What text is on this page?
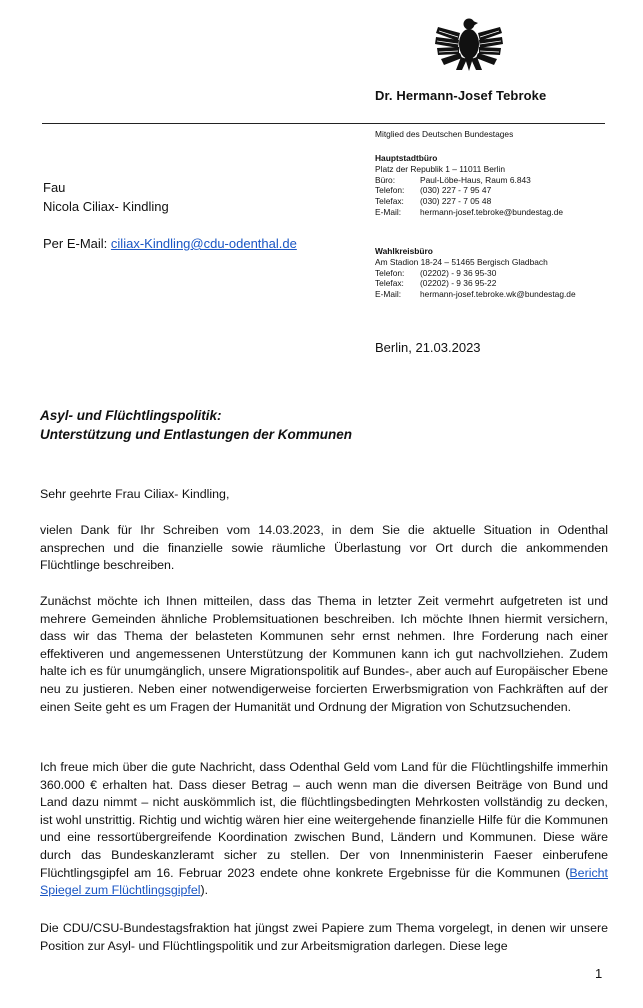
Dr. Hermann-Josef Tebroke
Mitglied des Deutschen Bundestages
Hauptstadtbüro
Platz der Republik 1 – 11011 Berlin
Büro:	Paul-Löbe-Haus, Raum 6.843
Telefon: (030) 227 - 7 95 47
Telefax: (030) 227 - 7 05 48
E-Mail: hermann-josef.tebroke@bundestag.de
Wahlkreisbüro
Am Stadion 18-24 – 51465 Bergisch Gladbach
Telefon: (02202) - 9 36 95-30
Telefax: (02202) - 9 36 95-22
E-Mail: hermann-josef.tebroke.wk@bundestag.de
Fau
Nicola Ciliax- Kindling
Per E-Mail: ciliax-Kindling@cdu-odenthal.de
Berlin, 21.03.2023
Asyl- und Flüchtlingspolitik:
Unterstützung und Entlastungen der Kommunen
Sehr geehrte Frau Ciliax- Kindling,

vielen Dank für Ihr Schreiben vom 14.03.2023, in dem Sie die aktuelle Situation in Odenthal ansprechen und die finanzielle sowie räumliche Überlastung vor Ort durch die ankommenden Flüchtlinge beschreiben.

Zunächst möchte ich Ihnen mitteilen, dass das Thema in letzter Zeit vermehrt aufgetreten ist und mehrere Gemeinden ähnliche Problemsituationen beschreiben. Ich möchte Ihnen hiermit versichern, dass wir das Thema der belasteten Kommunen sehr ernst nehmen. Ihre Forderung nach einer effektiveren und angemessenen Unterstützung der Kommunen kann ich gut nachvollziehen. Zudem halte ich es für unumgänglich, unsere Migrationspolitik auf Bundes-, aber auch auf Europäischer Ebene neu zu justieren. Neben einer notwendigerweise forcierten Erwerbsmigration von Fachkräften auf der einen Seite geht es um Fragen der Humanität und Ordnung der Migration von Schutzsuchenden.

Ich freue mich über die gute Nachricht, dass Odenthal Geld vom Land für die Flüchtlingshilfe immerhin 360.000 € erhalten hat. Dass dieser Betrag – auch wenn man die diversen Beiträge von Bund und Land dazu nimmt – nicht auskömmlich ist, die flüchtlingsbedingten Mehrkosten vollständig zu decken, ist wohl unstrittig. Richtig und wichtig wären hier eine weitergehende finanzielle Hilfe für die Kommunen und eine ressortübergreifende Koordination zwischen Bund, Ländern und Kommunen. Diese wäre durch das Bundeskanzleramt sicher zu stellen. Der von Innenministerin Faeser einberufene Flüchtlingsgipfel am 16. Februar 2023 endete ohne konkrete Ergebnisse für die Kommunen (Bericht Spiegel zum Flüchtlingsgipfel).

Die CDU/CSU-Bundestagsfraktion hat jüngst zwei Papiere zum Thema vorgelegt, in denen wir unsere Position zur Asyl- und Flüchtlingspolitik und zur Arbeitsmigration darlegen. Diese lege

1
